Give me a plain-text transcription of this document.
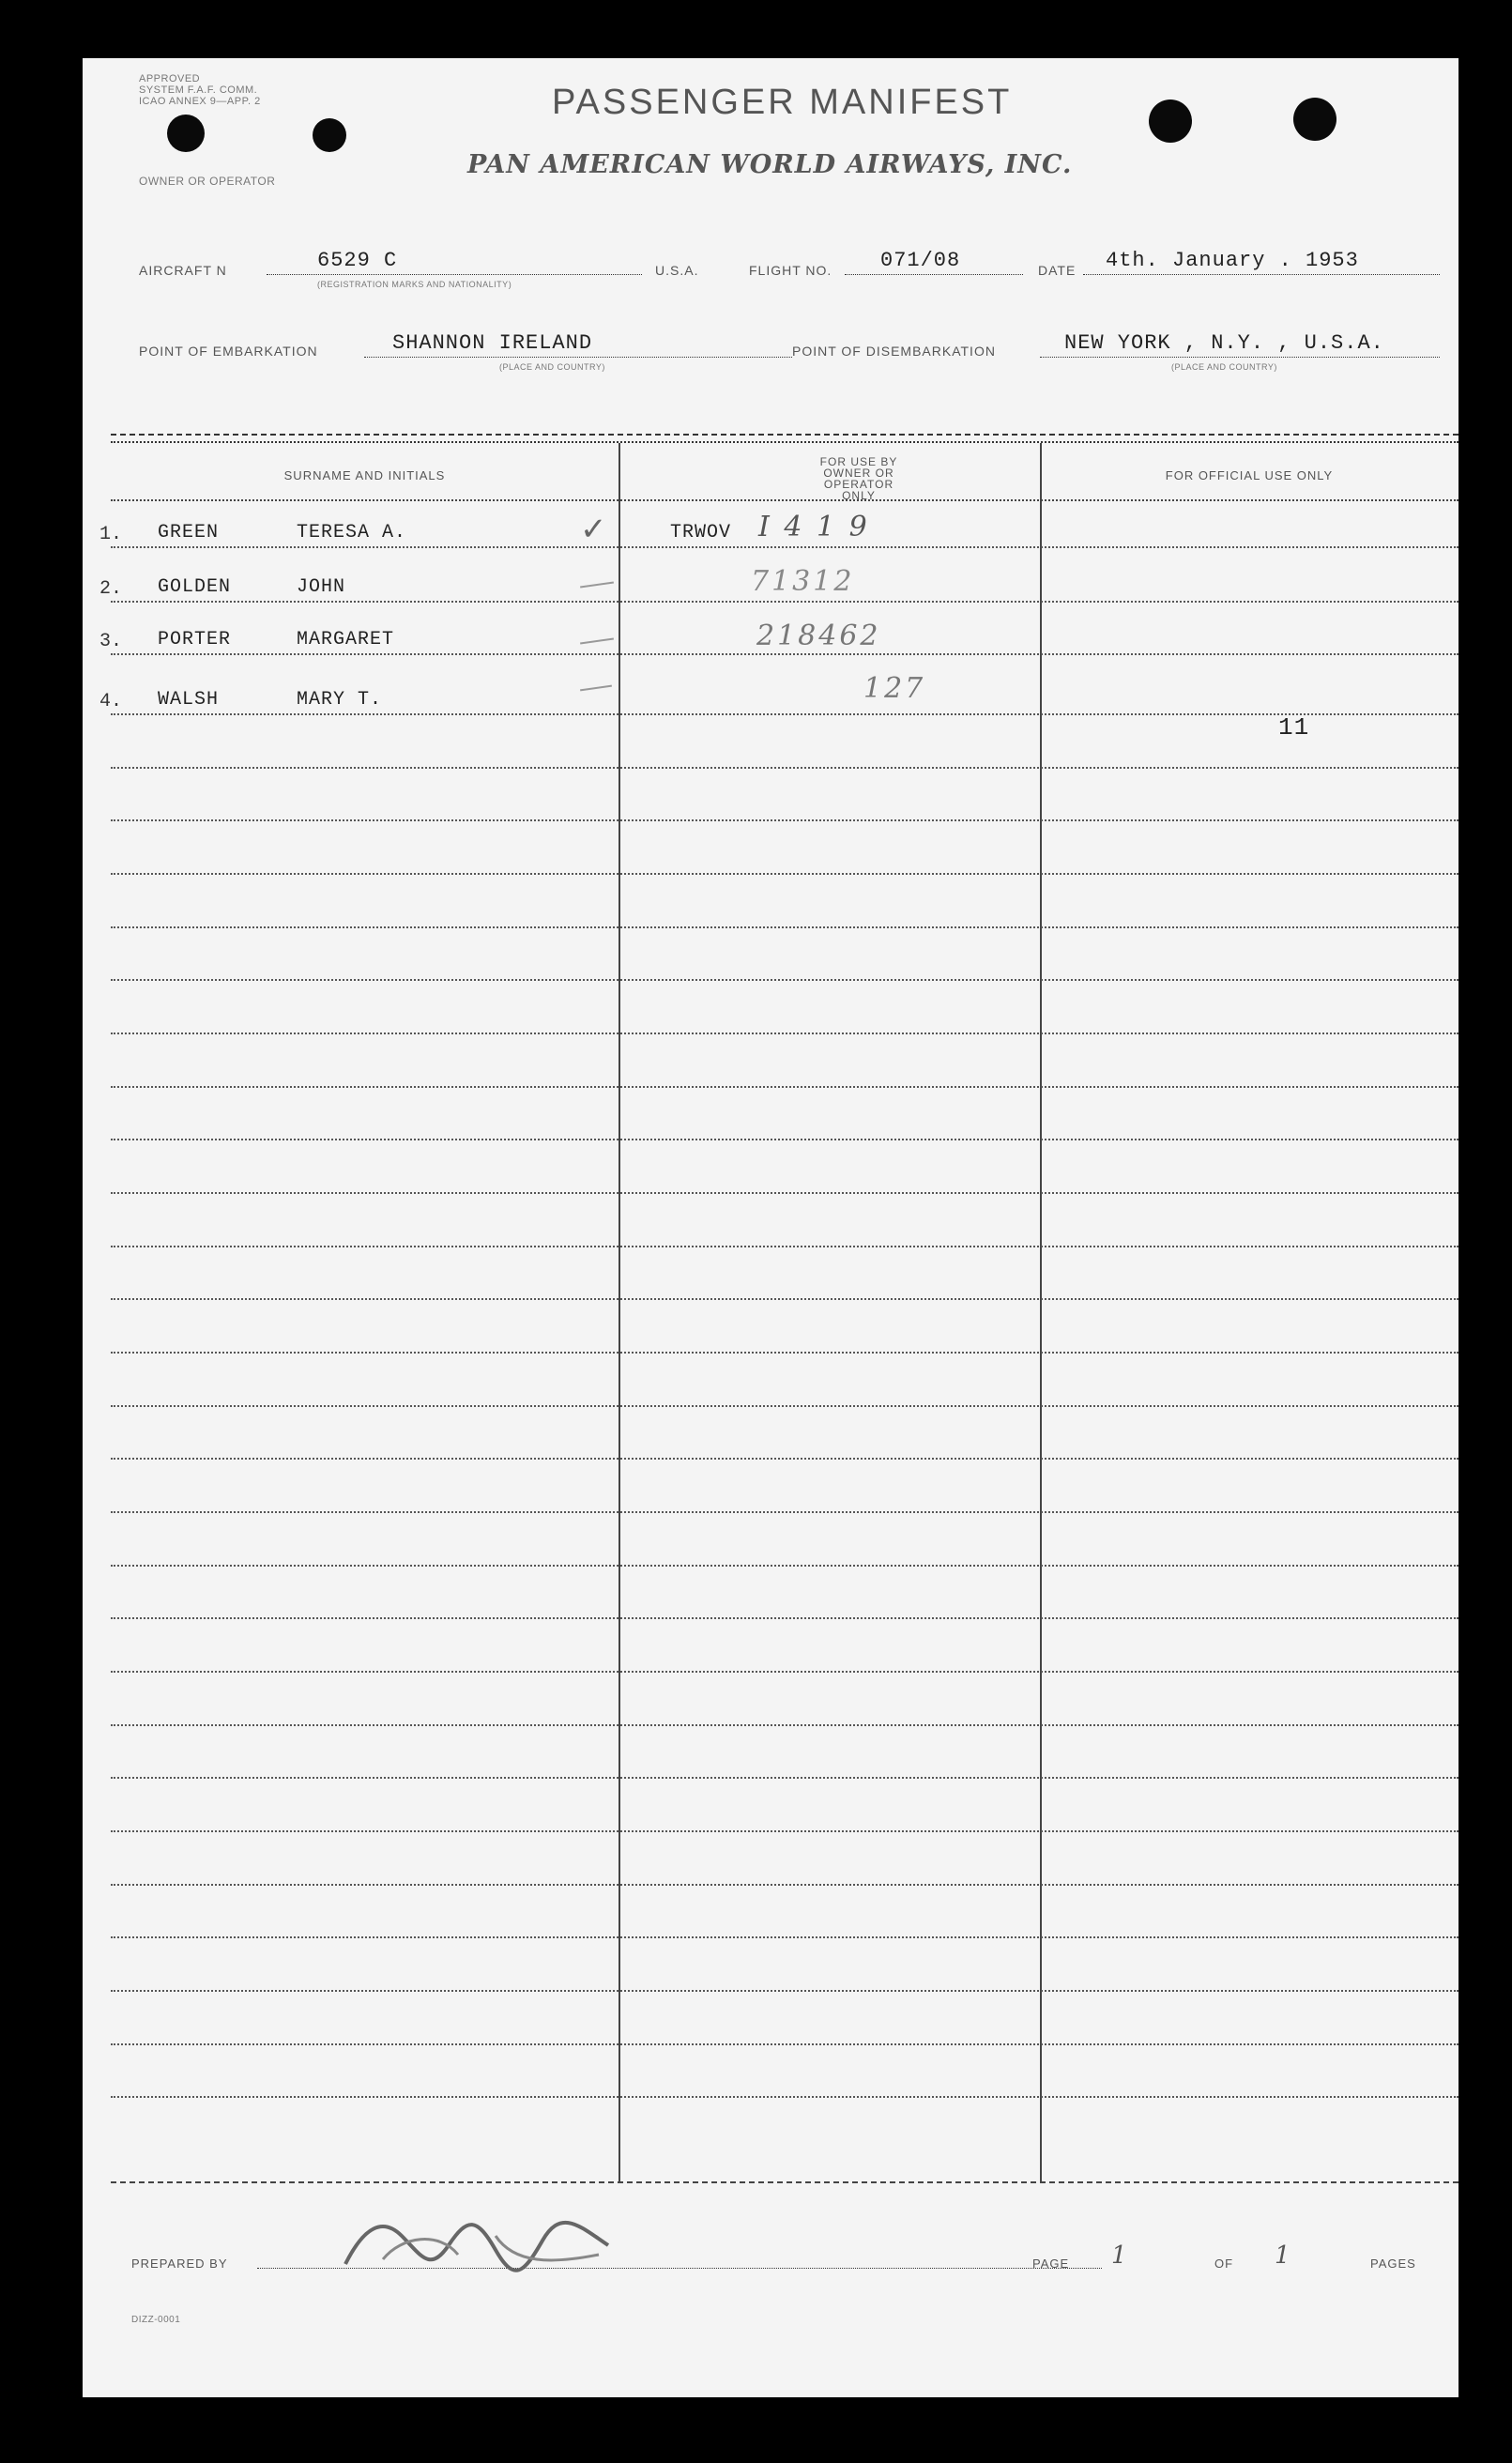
APPROVED
SYSTEM F.A.F. COMM.
ICAO ANNEX 9—APP. 2
OWNER OR OPERATOR
PASSENGER MANIFEST
PAN AMERICAN WORLD AIRWAYS, INC.
AIRCRAFT N	6529 C
(REGISTRATION MARKS AND NATIONALITY)
U.S.A.	FLIGHT NO. 071/08	DATE 4th. January . 1953
POINT OF EMBARKATION	SHANNON IRELAND
(PLACE AND COUNTRY)
POINT OF DISEMBARKATION	NEW YORK , N.Y. , U.S.A.
(PLACE AND COUNTRY)
SURNAME AND INITIALS
FOR USE BY OWNER OR OPERATOR ONLY
FOR OFFICIAL USE ONLY
1. GREEN	TERESA A.	✓	TRWOV I 4 1 9
2. GOLDEN	JOHN	71312
3. PORTER	MARGARET	218462
4. WALSH	MARY T.	127
11
PREPARED BY	PAGE 1	OF 1	PAGES
DIZZ-0001
